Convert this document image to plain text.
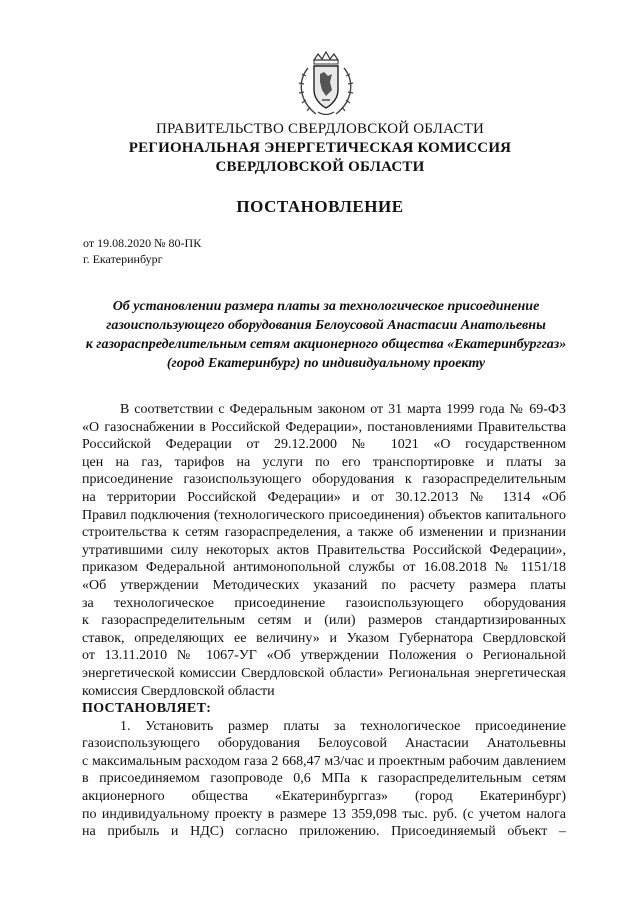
ПРАВИТЕЛЬСТВО СВЕРДЛОВСКОЙ ОБЛАСТИ
РЕГИОНАЛЬНАЯ ЭНЕРГЕТИЧЕСКАЯ КОМИССИЯ
СВЕРДЛОВСКОЙ ОБЛАСТИ
ПОСТАНОВЛЕНИЕ
от 19.08.2020 № 80-ПК
г. Екатеринбург
Об установлении размера платы за технологическое присоединение
газоиспользующего оборудования Белоусовой Анастасии Анатольевны
к газораспределительным сетям акционерного общества «Екатеринбурггаз»
(город Екатеринбург) по индивидуальному проекту
В соответствии с Федеральным законом от 31 марта 1999 года № 69-ФЗ
«О газоснабжении в Российской Федерации», постановлениями Правительства
Российской Федерации от 29.12.2000 № 1021 «О государственном
цен на газ, тарифов на услуги по его транспортировке и платы за
присоединение газоиспользующего оборудования к газораспределительным
на территории Российской Федерации» и от 30.12.2013 № 1314 «Об
Правил подключения (технологического присоединения) объектов капитального
строительства к сетям газораспределения, а также об изменении и признании
утратившими силу некоторых актов Правительства Российской Федерации»,
приказом Федеральной антимонопольной службы от 16.08.2018 № 1151/18
«Об утверждении Методических указаний по расчету размера платы
за технологическое присоединение газоиспользующего оборудования
к газораспределительным сетям и (или) размеров стандартизированных
ставок, определяющих ее величину» и Указом Губернатора Свердловской
от 13.11.2010 № 1067-УГ «Об утверждении Положения о Региональной
энергетической комиссии Свердловской области» Региональная энергетическая
комиссия Свердловской области
ПОСТАНОВЛЯЕТ:
1. Установить размер платы за технологическое присоединение
газоиспользующего оборудования Белоусовой Анастасии Анатольевны
с максимальным расходом газа 2 668,47 м3/час и проектным рабочим давлением
в присоединяемом газопроводе 0,6 МПа к газораспределительным сетям
акционерного общества «Екатеринбурггаз» (город Екатеринбург)
по индивидуальному проекту в размере 13 359,098 тыс. руб. (с учетом налога
на прибыль и НДС) согласно приложению. Присоединяемый объект –
